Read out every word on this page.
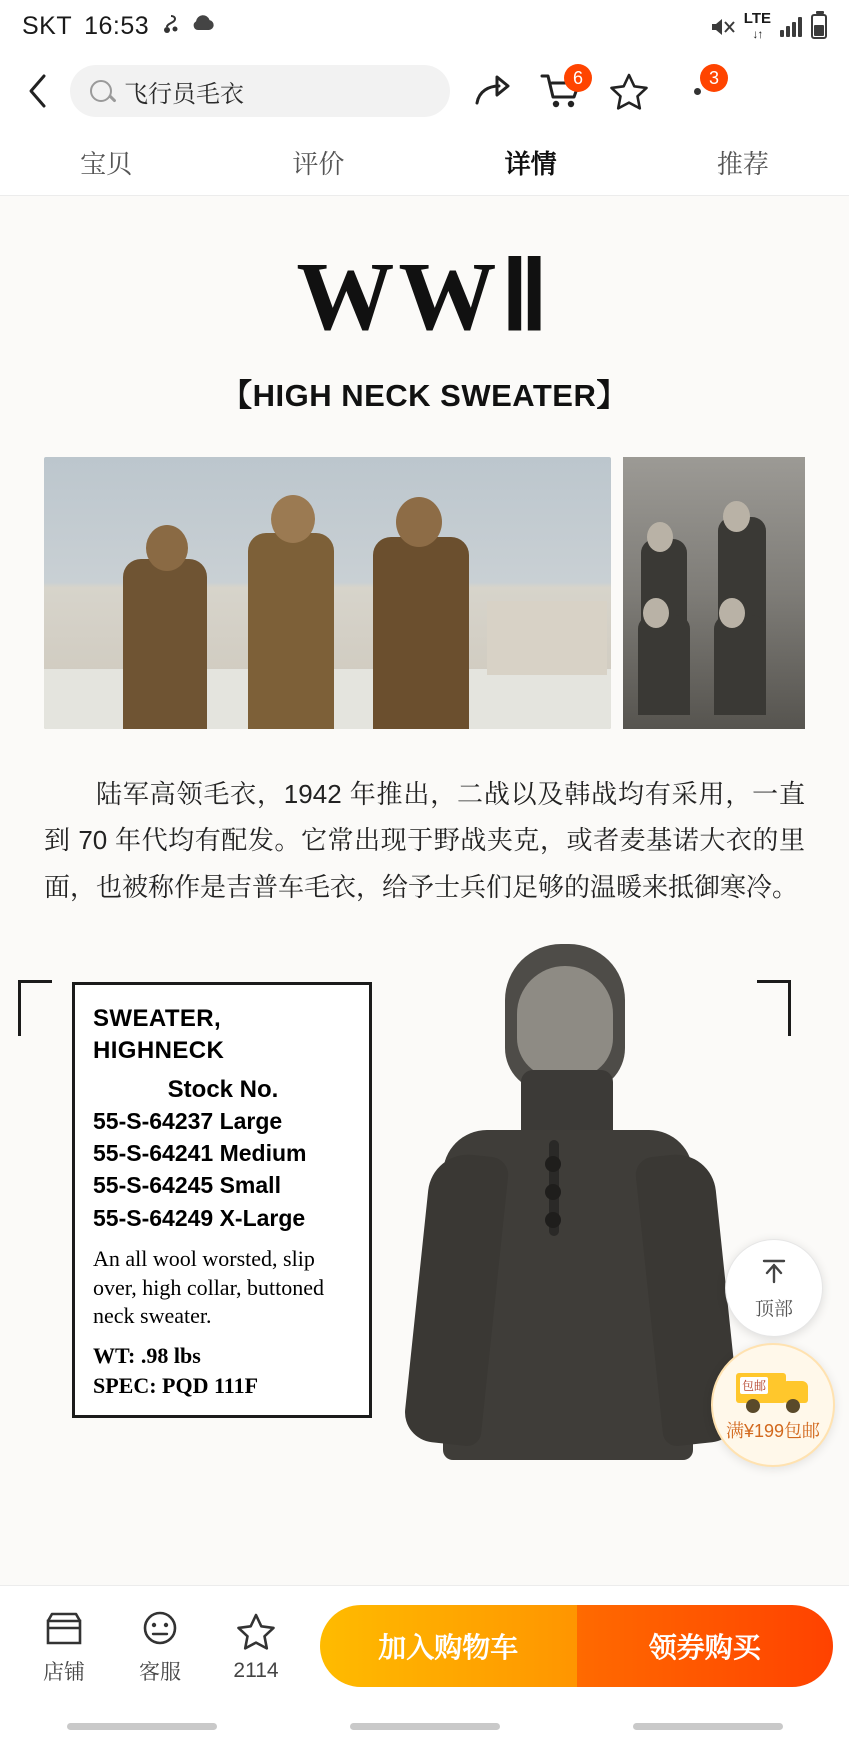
SKT 16:53	LTE
↓↑
飞行员毛衣
6	3
宝贝	评价	详情	推荐
WWⅡ
【HIGH NECK SWEATER】
陆军高领毛衣，1942 年推出，二战以及韩战均有采用，一直到 70 年代均有配发。它常出现于野战夹克，或者麦基诺大衣的里面，也被称作是吉普车毛衣，给予士兵们足够的温暖来抵御寒冷。
SWEATER,
HIGHNECK
Stock No.
55-S-64237 Large
55-S-64241 Medium
55-S-64245 Small
55-S-64249 X-Large
An all wool worsted, slip over, high collar, buttoned neck sweater.
WT: .98 lbs
SPEC: PQD 111F
顶部
包邮
满¥199包邮
店铺	客服 2114
加入购物车	领券购买
